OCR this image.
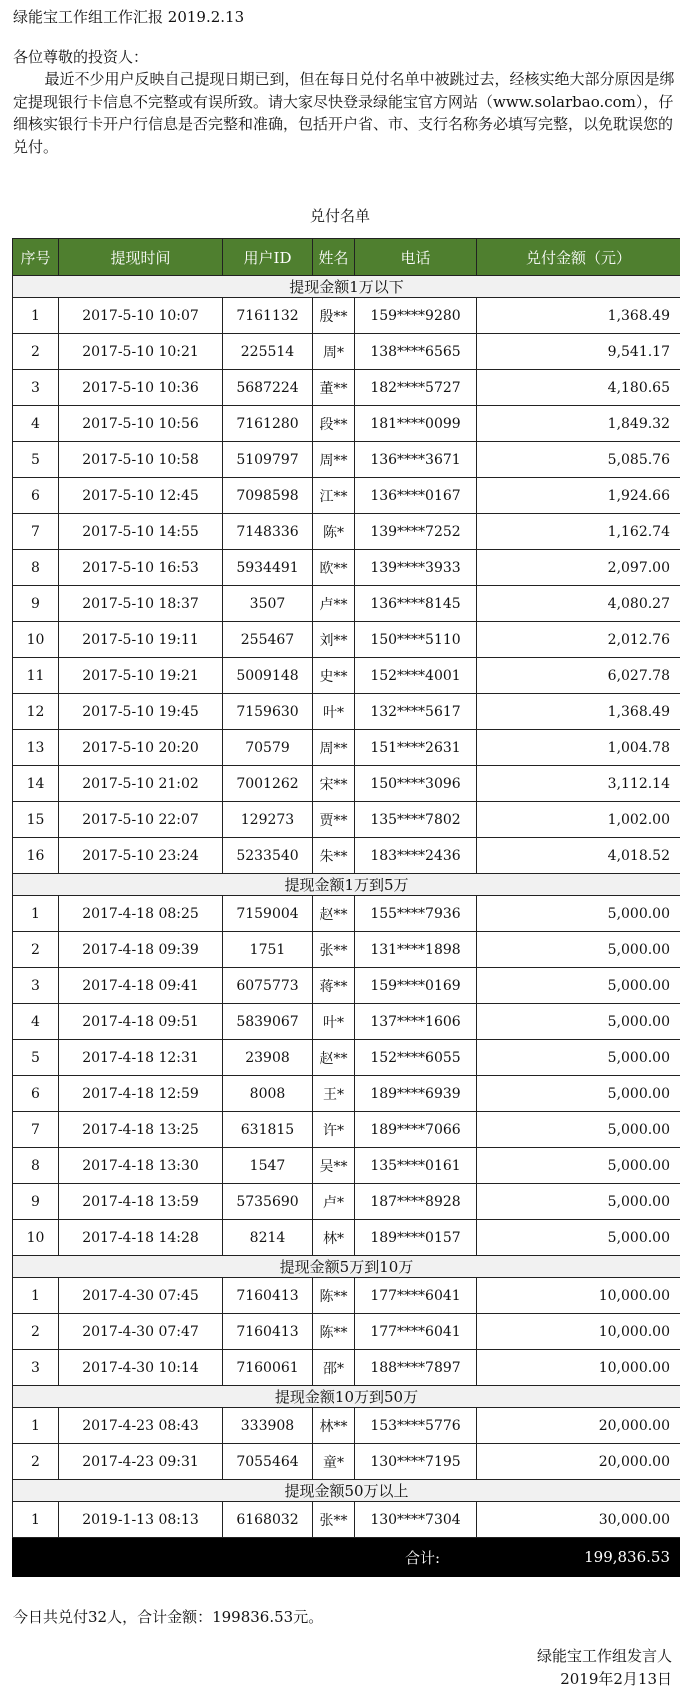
绿能宝工作组工作汇报 2019.2.13
各位尊敬的投资人：
最近不少用户反映自己提现日期已到，但在每日兑付名单中被跳过去，经核实绝大部分原因是绑定提现银行卡信息不完整或有误所致。请大家尽快登录绿能宝官方网站（www.solarbao.com），仔细核实银行卡开户行信息是否完整和准确，包括开户省、市、支行名称务必填写完整，以免耽误您的兑付。
兑付名单
序号	提现时间	用户ID	姓名	电话	兑付金额（元）
提现金额1万以下					
1	2017-5-10 10:07	7161132	殷**	159****9280	1,368.49
2	2017-5-10 10:21	225514	周*	138****6565	9,541.17
3	2017-5-10 10:36	5687224	董**	182****5727	4,180.65
4	2017-5-10 10:56	7161280	段**	181****0099	1,849.32
5	2017-5-10 10:58	5109797	周**	136****3671	5,085.76
6	2017-5-10 12:45	7098598	江**	136****0167	1,924.66
7	2017-5-10 14:55	7148336	陈*	139****7252	1,162.74
8	2017-5-10 16:53	5934491	欧**	139****3933	2,097.00
9	2017-5-10 18:37	3507	卢**	136****8145	4,080.27
10	2017-5-10 19:11	255467	刘**	150****5110	2,012.76
11	2017-5-10 19:21	5009148	史**	152****4001	6,027.78
12	2017-5-10 19:45	7159630	叶*	132****5617	1,368.49
13	2017-5-10 20:20	70579	周**	151****2631	1,004.78
14	2017-5-10 21:02	7001262	宋**	150****3096	3,112.14
15	2017-5-10 22:07	129273	贾**	135****7802	1,002.00
16	2017-5-10 23:24	5233540	朱**	183****2436	4,018.52
提现金额1万到5万					
1	2017-4-18 08:25	7159004	赵**	155****7936	5,000.00
2	2017-4-18 09:39	1751	张**	131****1898	5,000.00
3	2017-4-18 09:41	6075773	蒋**	159****0169	5,000.00
4	2017-4-18 09:51	5839067	叶*	137****1606	5,000.00
5	2017-4-18 12:31	23908	赵**	152****6055	5,000.00
6	2017-4-18 12:59	8008	王*	189****6939	5,000.00
7	2017-4-18 13:25	631815	许*	189****7066	5,000.00
8	2017-4-18 13:30	1547	吴**	135****0161	5,000.00
9	2017-4-18 13:59	5735690	卢*	187****8928	5,000.00
10	2017-4-18 14:28	8214	林*	189****0157	5,000.00
提现金额5万到10万					
1	2017-4-30 07:45	7160413	陈**	177****6041	10,000.00
2	2017-4-30 07:47	7160413	陈**	177****6041	10,000.00
3	2017-4-30 10:14	7160061	邵*	188****7897	10,000.00
提现金额10万到50万					
1	2017-4-23 08:43	333908	林**	153****5776	20,000.00
2	2017-4-23 09:31	7055464	童*	130****7195	20,000.00
提现金额50万以上					
1	2019-1-13 08:13	6168032	张**	130****7304	30,000.00
合计:					199,836.53
今日共兑付32人，合计金额：199836.53元。
绿能宝工作组发言人
2019年2月13日
